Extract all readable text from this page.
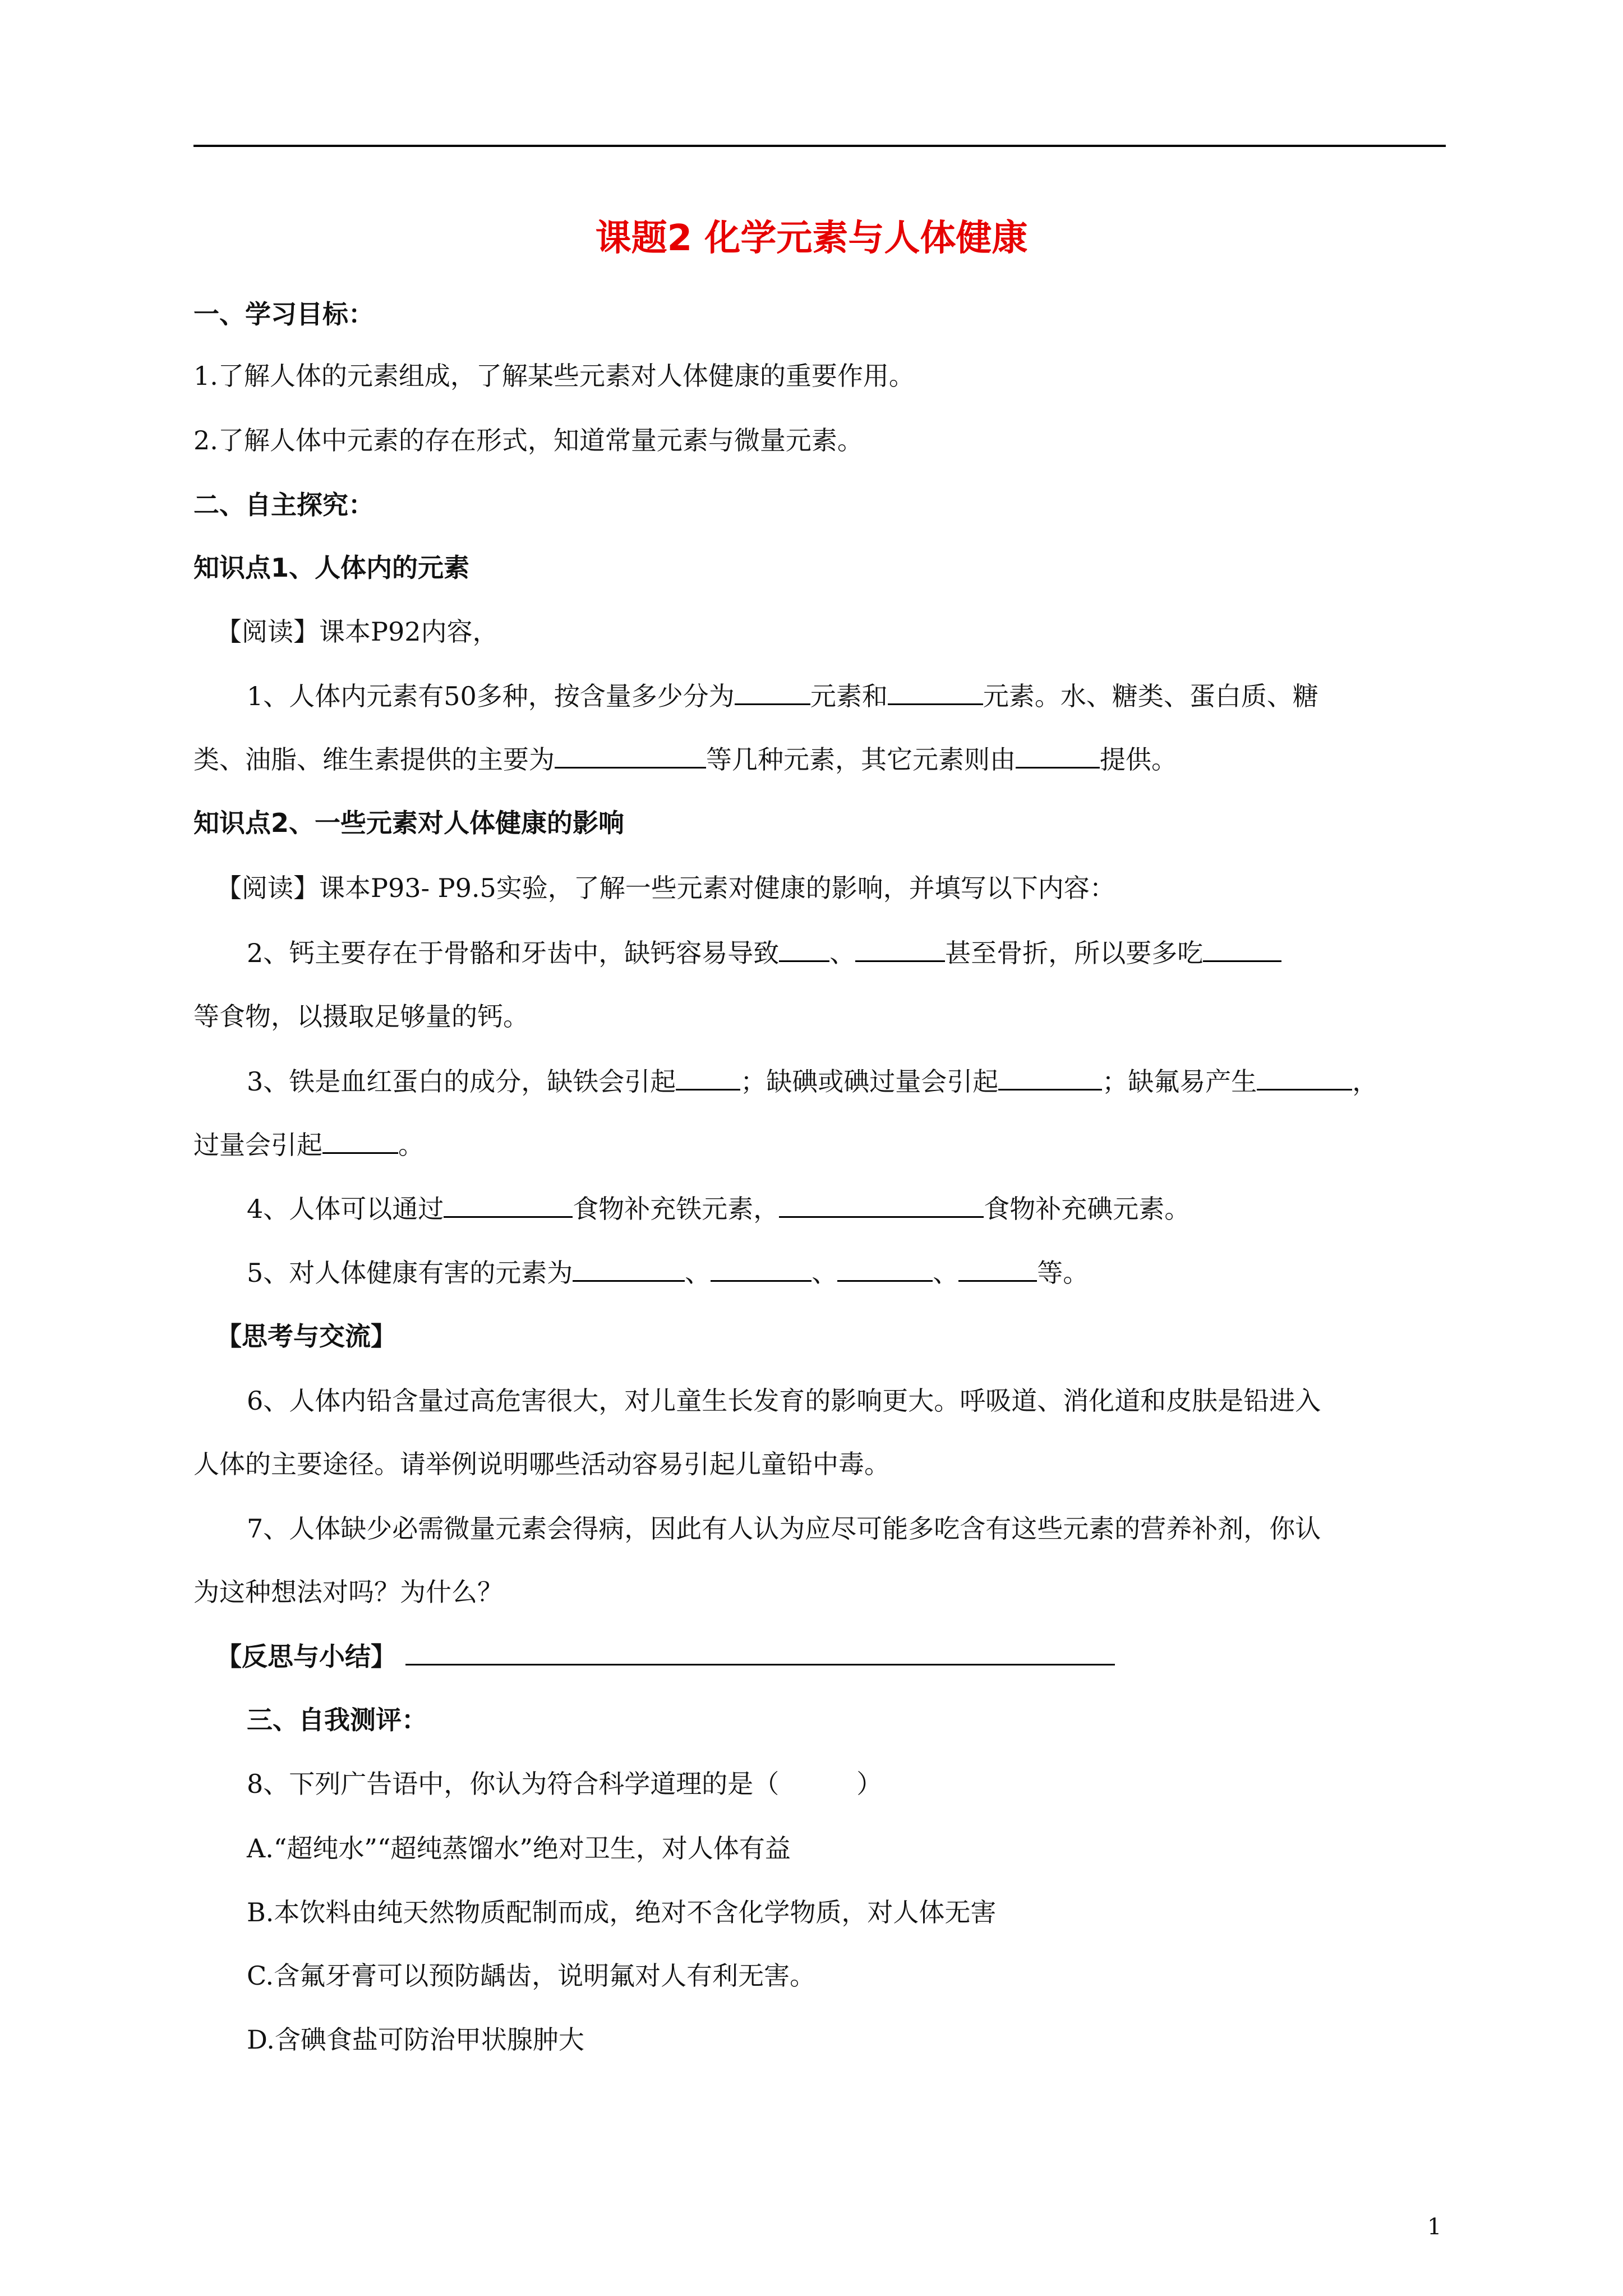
课题2 化学元素与人体健康
一、学习目标：
1.了解人体的元素组成，了解某些元素对人体健康的重要作用。
2.了解人体中元素的存在形式，知道常量元素与微量元素。
二、自主探究：
知识点1、人体内的元素
【阅读】课本P92内容，
1、人体内元素有50多种，按含量多少分为	元素和	元素。水、糖类、蛋白质、糖
类、油脂、维生素提供的主要为	等几种元素，其它元素则由	提供。
知识点2、一些元素对人体健康的影响
【阅读】课本P93- P9.5实验，了解一些元素对健康的影响，并填写以下内容：
2、钙主要存在于骨骼和牙齿中，缺钙容易导致 、	甚至骨折，所以要多吃
等食物，以摄取足够量的钙。
3、铁是血红蛋白的成分，缺铁会引起	；缺碘或碘过量会引起	；缺氟易产生	，
过量会引起	。
4、人体可以通过	食物补充铁元素，	食物补充碘元素。
5、对人体健康有害的元素为	、	、	、	等。
【思考与交流】
6、人体内铅含量过高危害很大，对儿童生长发育的影响更大。呼吸道、消化道和皮肤是铅进入
人体的主要途径。请举例说明哪些活动容易引起儿童铅中毒。
7、人体缺少必需微量元素会得病，因此有人认为应尽可能多吃含有这些元素的营养补剂，你认
为这种想法对吗？为什么？
【反思与小结】
三、自我测评：
8、下列广告语中，你认为符合科学道理的是（　　　）
A.“超纯水”“超纯蒸馏水”绝对卫生，对人体有益
B.本饮料由纯天然物质配制而成，绝对不含化学物质，对人体无害
C.含氟牙膏可以预防龋齿，说明氟对人有利无害。
D.含碘食盐可防治甲状腺肿大
1
